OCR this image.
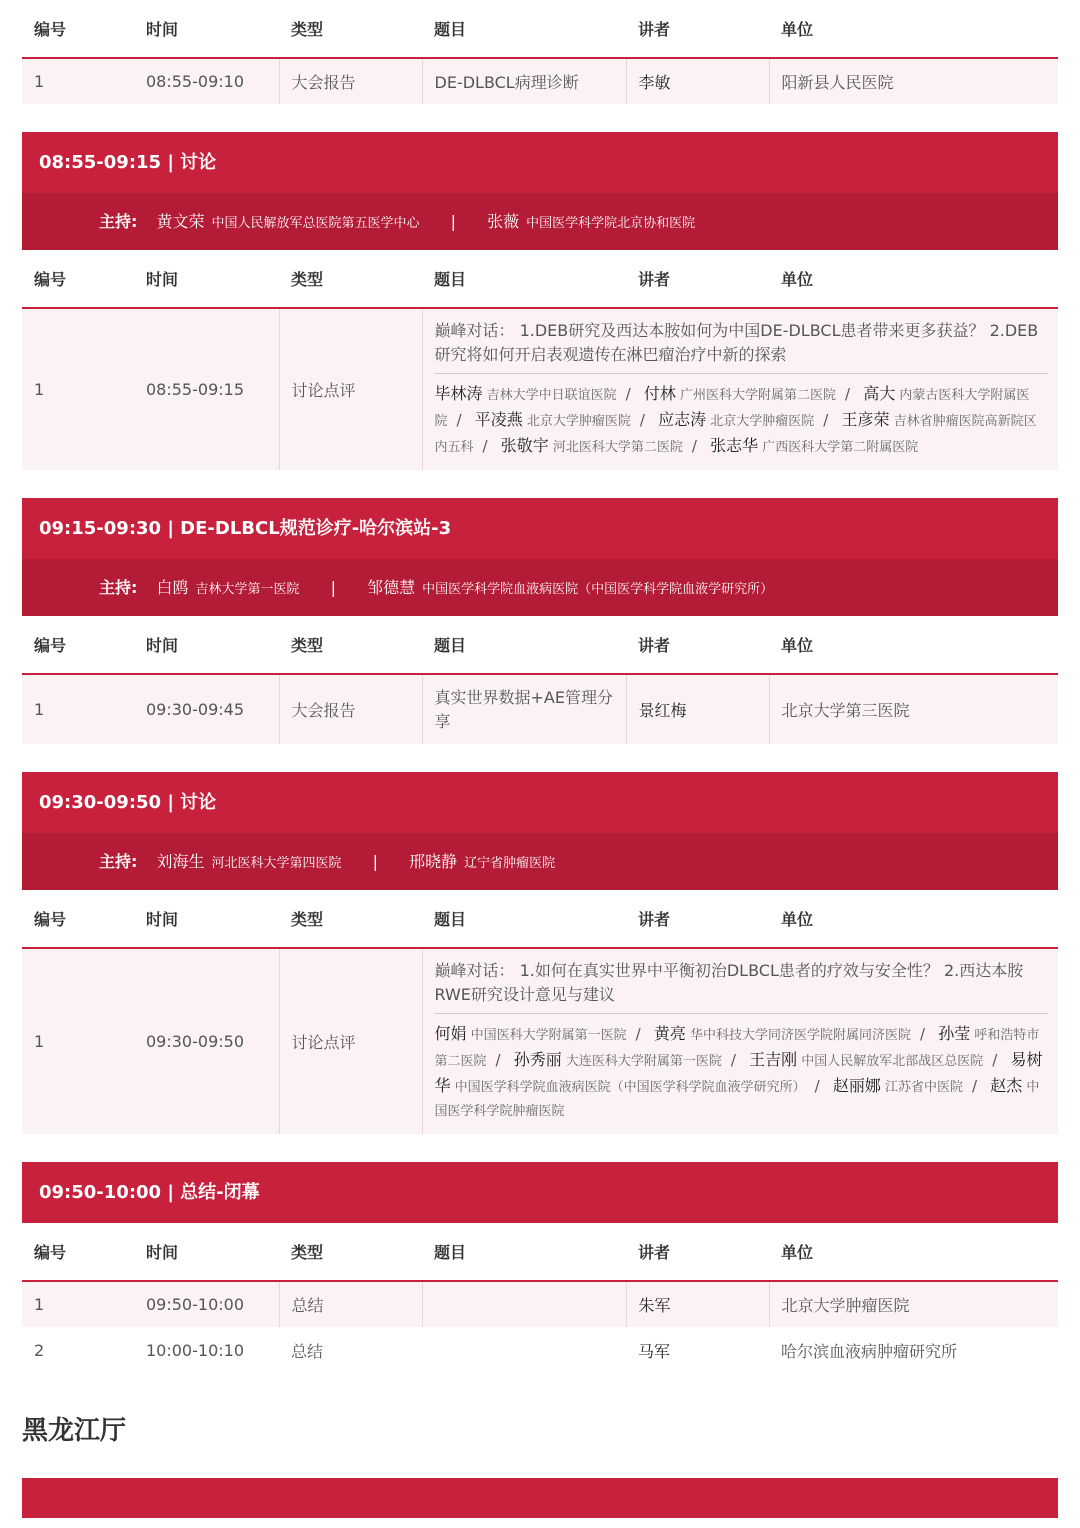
编号	时间	类型	题目	讲者	单位
1	08:55-09:10	大会报告	DE-DLBCL病理诊断	李敏	阳新县人民医院
08:55-09:15 | 讨论
主持: 黄文荣 中国人民解放军总医院第五医学中心 | 张薇 中国医学科学院北京协和医院
编号	时间	类型	题目	讲者	单位
1	08:55-09:15	讨论点评	巅峰对话： 1.DEB研究及西达本胺如何为中国DE-DLBCL患者带来更多获益？ 2.DEB研究将如何开启表观遗传在淋巴瘤治疗中新的探索
毕林涛 吉林大学中日联谊医院 / 付林 广州医科大学附属第二医院 / 高大 内蒙古医科大学附属医院 / 平凌燕 北京大学肿瘤医院 / 应志涛 北京大学肿瘤医院 / 王彦荣 吉林省肿瘤医院高新院区内五科 / 张敬宇 河北医科大学第二医院 / 张志华 广西医科大学第二附属医院		
09:15-09:30 | DE-DLBCL规范诊疗-哈尔滨站-3
主持: 白鸥 吉林大学第一医院 | 邹德慧 中国医学科学院血液病医院（中国医学科学院血液学研究所）
编号	时间	类型	题目	讲者	单位
1	09:30-09:45	大会报告	真实世界数据+AE管理分享	景红梅	北京大学第三医院
09:30-09:50 | 讨论
主持: 刘海生 河北医科大学第四医院 | 邢晓静 辽宁省肿瘤医院
编号	时间	类型	题目	讲者	单位
1	09:30-09:50	讨论点评	巅峰对话： 1.如何在真实世界中平衡初治DLBCL患者的疗效与安全性？ 2.西达本胺RWE研究设计意见与建议
何娟 中国医科大学附属第一医院 / 黄亮 华中科技大学同济医学院附属同济医院 / 孙莹 呼和浩特市第二医院 / 孙秀丽 大连医科大学附属第一医院 / 王吉刚 中国人民解放军北部战区总医院 / 易树华 中国医学科学院血液病医院（中国医学科学院血液学研究所） / 赵丽娜 江苏省中医院 / 赵杰 中国医学科学院肿瘤医院		
09:50-10:00 | 总结-闭幕
编号	时间	类型	题目	讲者	单位
1	09:50-10:00	总结		朱军	北京大学肿瘤医院
2	10:00-10:10	总结		马军	哈尔滨血液病肿瘤研究所
黑龙江厅
